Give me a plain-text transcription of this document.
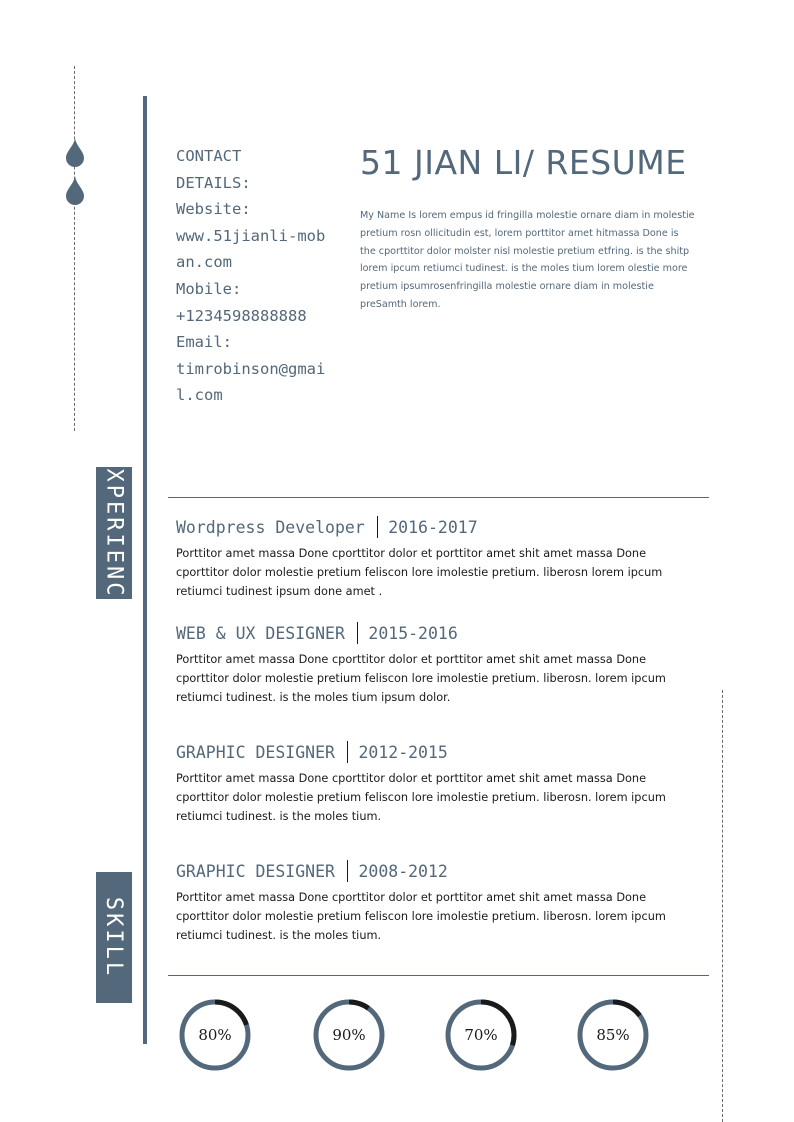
EXPERIENCE
SKILL
CONTACT
DETAILS:
Website:
www.51jianli-moban.com
Mobile:
+1234598888888
Email:
timrobinson@gmail.com
51 JIAN LI/ RESUME

My Name Is lorem empus id fringilla molestie ornare diam in molestie pretium rosn ollicitudin est, lorem porttitor amet hitmassa Done is the cporttitor dolor molster nisl molestie pretium etfring. is the shitp lorem ipcum retiumci tudinest. is the moles tium lorem olestie more pretium ipsumrosenfringilla molestie ornare diam in molestie preSamth lorem.

Wordpress Developer 2016-2017
Porttitor amet massa Done cporttitor dolor et porttitor amet shit amet massa Done cporttitor dolor molestie pretium feliscon lore imolestie pretium. liberosn lorem ipcum retiumci tudinest ipsum done amet .
WEB & UX DESIGNER 2015-2016
Porttitor amet massa Done cporttitor dolor et porttitor amet shit amet massa Done cporttitor dolor molestie pretium feliscon lore imolestie pretium. liberosn. lorem ipcum retiumci tudinest. is the moles tium ipsum dolor.
GRAPHIC DESIGNER 2012-2015
Porttitor amet massa Done cporttitor dolor et porttitor amet shit amet massa Done cporttitor dolor molestie pretium feliscon lore imolestie pretium. liberosn. lorem ipcum retiumci tudinest. is the moles tium.
GRAPHIC DESIGNER 2008-2012
Porttitor amet massa Done cporttitor dolor et porttitor amet shit amet massa Done cporttitor dolor molestie pretium feliscon lore imolestie pretium. liberosn. lorem ipcum retiumci tudinest. is the moles tium.
80%	90%	70%	85%
